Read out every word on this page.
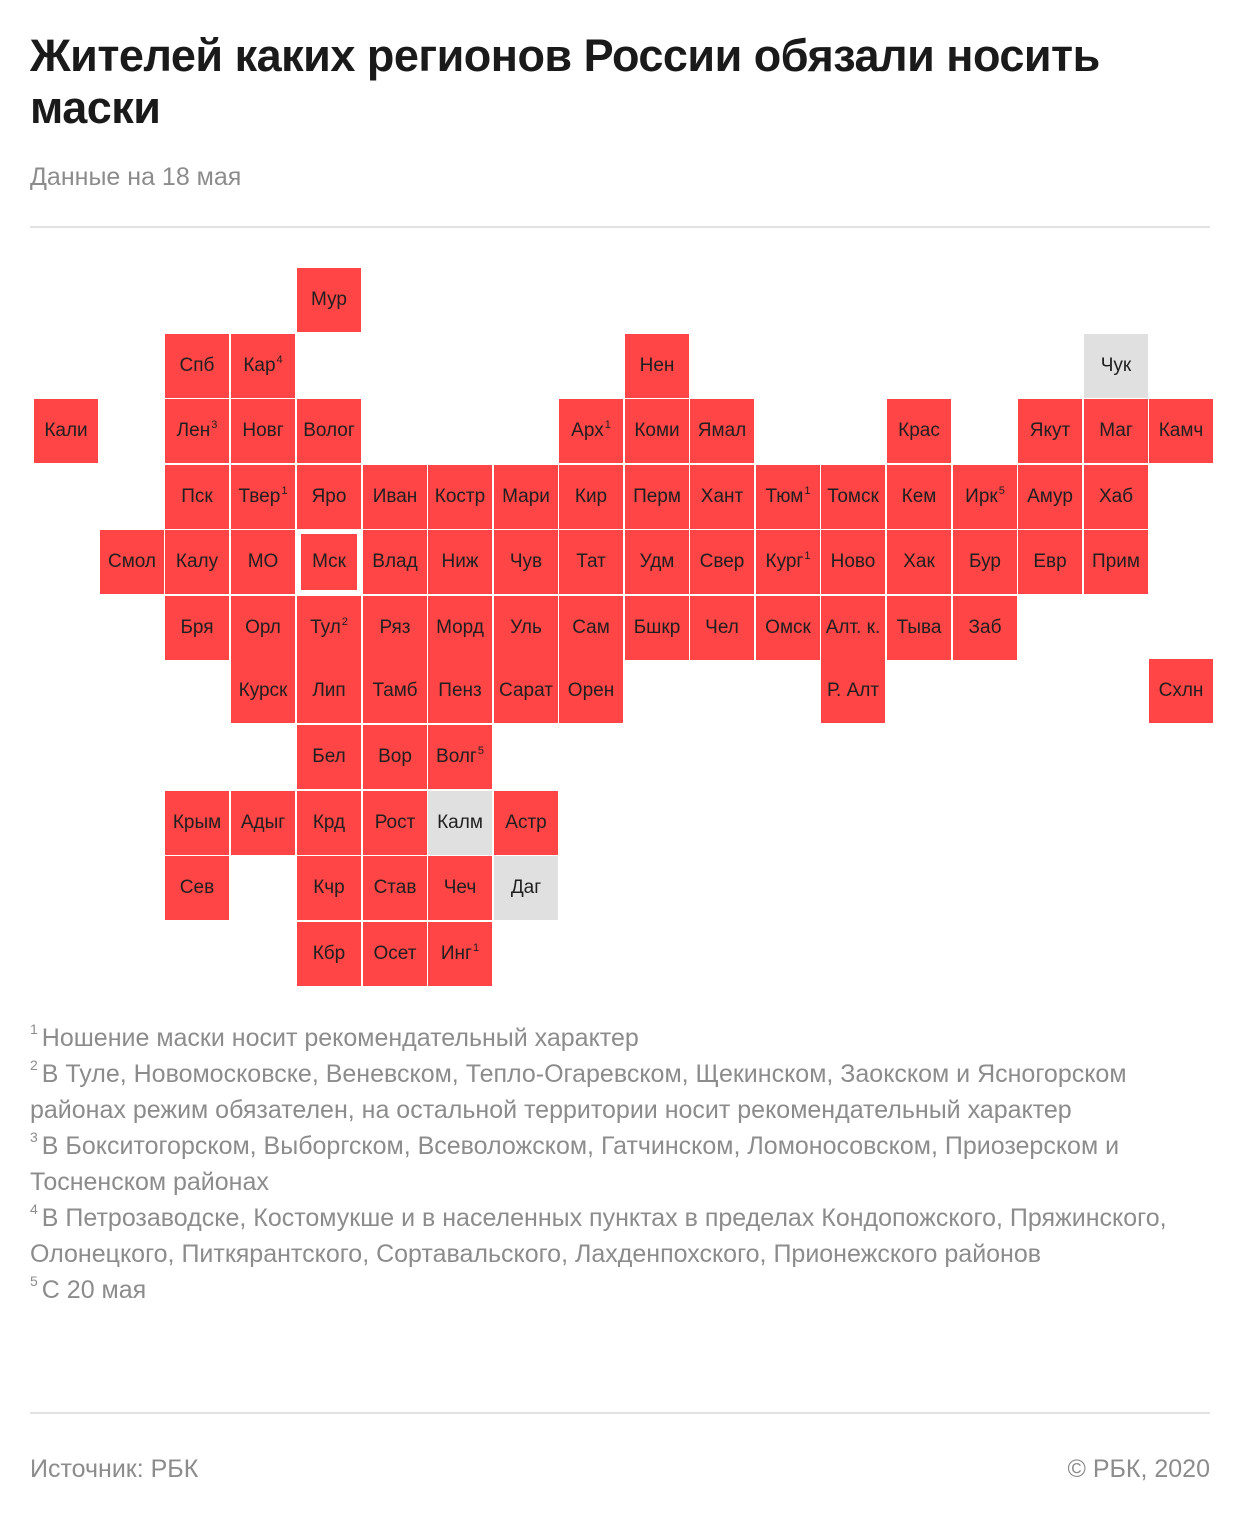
Жителей каких регионов России обязали носить маски
Данные на 18 мая
Мур
Спб Кар$^4$	Нен	Чук
Кали	Лен$^3$ Новг Волог	Арх$^1$ Коми Ямал	Крас	Якут Маг Камч
Пск Твер$^1$ Яро Иван Костр Мари Кир Перм Хант Тюм$^1$ Томск Кем Ирк$^5$ Амур Хаб
Смол Калу МО Мск Влад Ниж Чув Тат Удм Свер Кург$^1$ Ново Хак Бур Евр Прим
Бря Орл Тул$^2$ Ряз Морд Уль Сам Бшкр Чел Омск Алт. к. Тыва Заб
Курск Лип Тамб Пенз Сарат Орен	Р. Алт	Схлн
Бел Вор Волг$^5$
Крым Адыг Крд Рост Калм Астр
Сев	Кчр Став Чеч Даг
Кбр Осет Инг$^1$

$^1$ Ношение маски носит рекомендательный характер

$^2$ В Туле, Новомосковске, Веневском, Тепло-Огаревском, Щекинском, Заокском и Ясногорском районах режим обязателен, на остальной территории носит рекомендательный характер

$^3$ В Бокситогорском, Выборгском, Всеволожском, Гатчинском, Ломоносовском, Приозерском и Тосненском районах

$^4$ В Петрозаводске, Костомукше и в населенных пунктах в пределах Кондопожского, Пряжинского, Олонецкого, Питкярантского, Сортавальского, Лахденпохского, Прионежского районов

$^5$ С 20 мая

Источник: РБК	© РБК, 2020
